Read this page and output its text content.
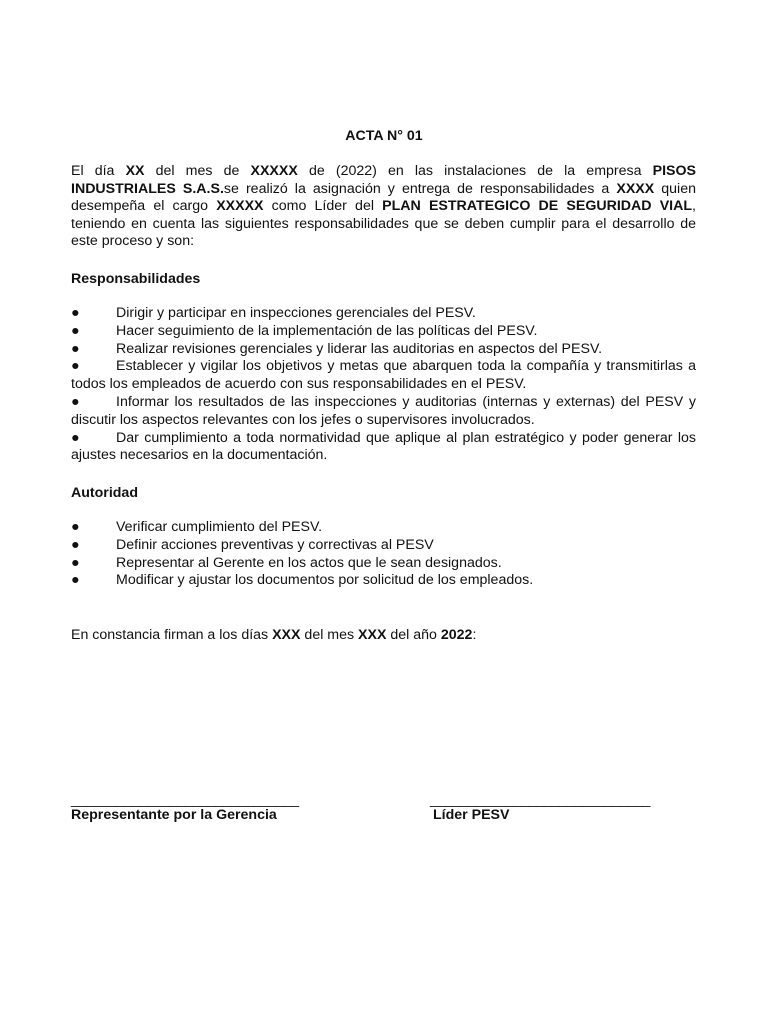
ACTA N° 01

El día XX del mes de XXXXX de (2022) en las instalaciones de la empresa PISOS INDUSTRIALES S.A.S.se realizó la asignación y entrega de responsabilidades a XXXX quien desempeña el cargo XXXXX como Líder del PLAN ESTRATEGICO DE SEGURIDAD VIAL, teniendo en cuenta las siguientes responsabilidades que se deben cumplir para el desarrollo de este proceso y son:

Responsabilidades
●	Dirigir y participar en inspecciones gerenciales del PESV.
●	Hacer seguimiento de la implementación de las políticas del PESV.
●	Realizar revisiones gerenciales y liderar las auditorias en aspectos del PESV.
●	Establecer y vigilar los objetivos y metas que abarquen toda la compañía y transmitirlas a todos los empleados de acuerdo con sus responsabilidades en el PESV.
●	Informar los resultados de las inspecciones y auditorias (internas y externas) del PESV y discutir los aspectos relevantes con los jefes o supervisores involucrados.
●	Dar cumplimiento a toda normatividad que aplique al plan estratégico y poder generar los ajustes necesarios en la documentación.
Autoridad
●	Verificar cumplimiento del PESV.
●	Definir acciones preventivas y correctivas al PESV
●	Representar al Gerente en los actos que le sean designados.
●	Modificar y ajustar los documentos por solicitud de los empleados.

En constancia firman a los días XXX del mes XXX del año 2022:

______________________________
Representante por la Gerencia
_____________________________
Líder PESV
